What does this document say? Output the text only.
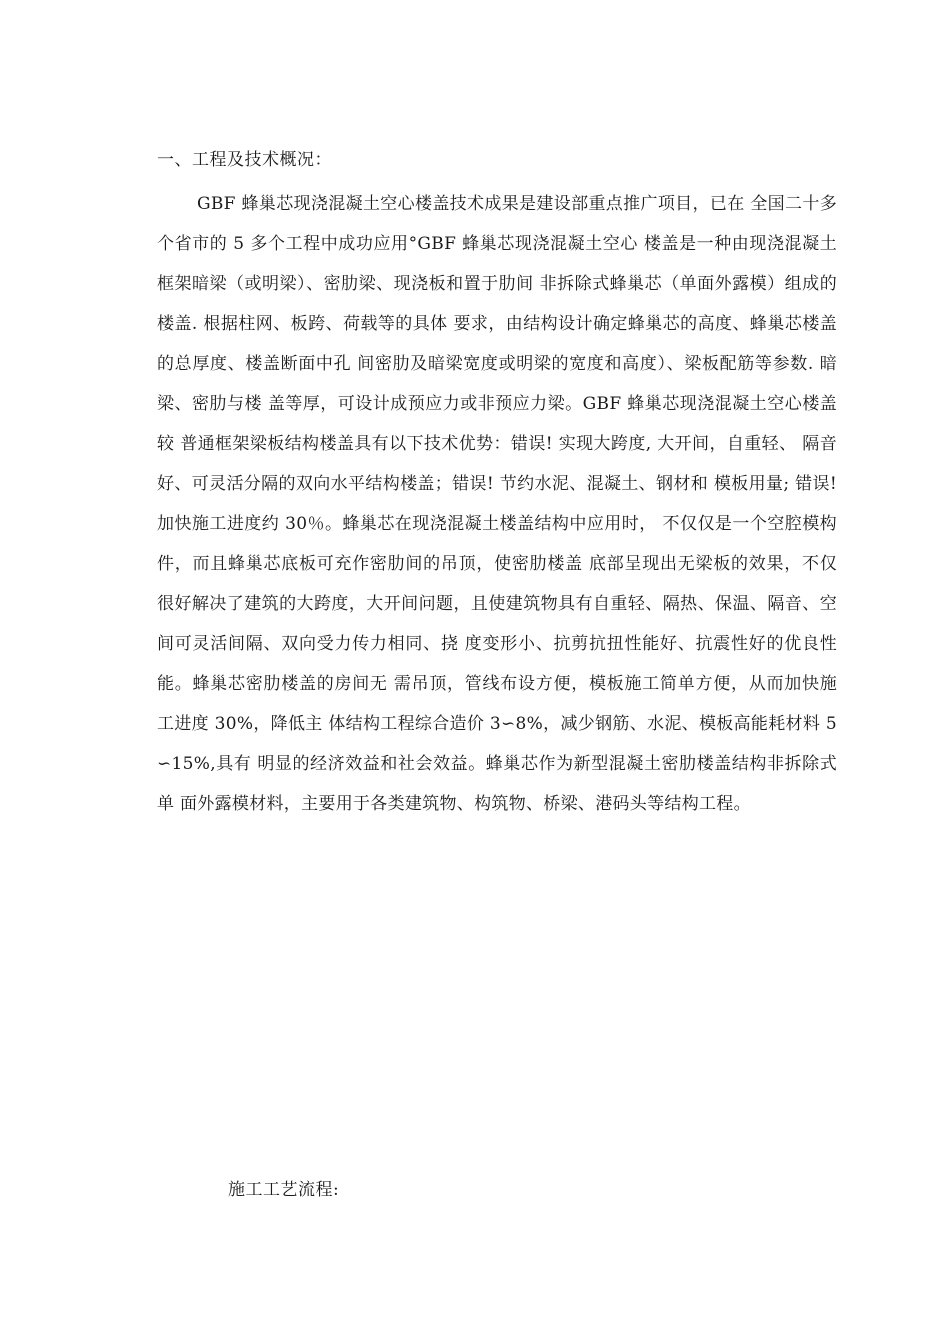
一、工程及技术概况：

GBF 蜂巢芯现浇混凝土空心楼盖技术成果是建设部重点推广项目，已在 全国二十多个省市的 5 多个工程中成功应用°GBF 蜂巢芯现浇混凝土空心 楼盖是一种由现浇混凝土框架暗梁（或明梁）、密肋梁、现浇板和置于肋间 非拆除式蜂巢芯（单面外露模）组成的楼盖. 根据柱网、板跨、荷载等的具体 要求，由结构设计确定蜂巢芯的高度、蜂巢芯楼盖的总厚度、楼盖断面中孔 间密肋及暗梁宽度或明梁的宽度和高度）、梁板配筋等参数. 暗梁、密肋与楼 盖等厚，可设计成预应力或非预应力梁。GBF 蜂巢芯现浇混凝土空心楼盖较 普通框架梁板结构楼盖具有以下技术优势：错误! 实现大跨度, 大开间，自重轻、 隔音好、可灵活分隔的双向水平结构楼盖；错误! 节约水泥、混凝土、钢材和 模板用量; 错误! 加快施工进度约 30％。蜂巢芯在现浇混凝土楼盖结构中应用时， 不仅仅是一个空腔模构件，而且蜂巢芯底板可充作密肋间的吊顶，使密肋楼盖 底部呈现出无梁板的效果，不仅很好解决了建筑的大跨度，大开间问题，且使建筑物具有自重轻、隔热、保温、隔音、空间可灵活间隔、双向受力传力相同、挠 度变形小、抗剪抗扭性能好、抗震性好的优良性能。蜂巢芯密肋楼盖的房间无 需吊顶，管线布设方便，模板施工简单方便，从而加快施工进度 30%，降低主 体结构工程综合造价 3∽8%，减少钢筋、水泥、模板高能耗材料 5∽15%,具有 明显的经济效益和社会效益。蜂巢芯作为新型混凝土密肋楼盖结构非拆除式单 面外露模材料，主要用于各类建筑物、构筑物、桥梁、港码头等结构工程。

施工工艺流程:
